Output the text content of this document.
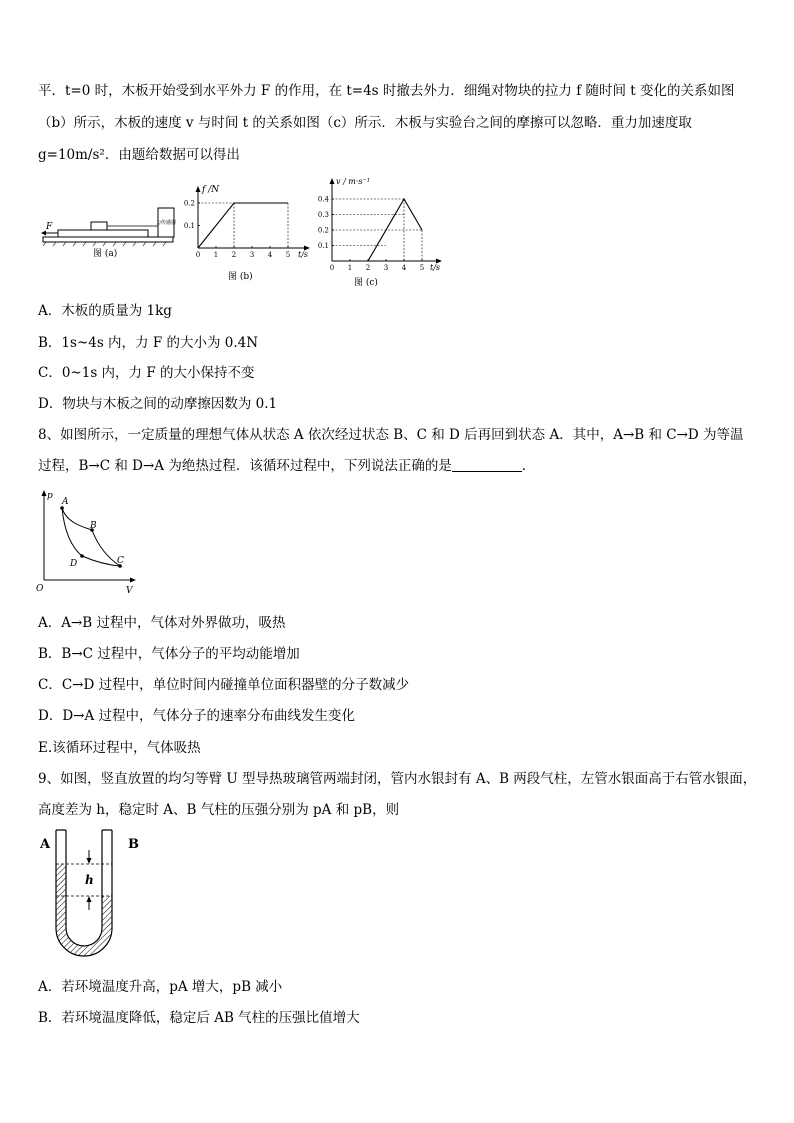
平．t=0 时，木板开始受到水平外力 F 的作用，在 t=4s 时撤去外力．细绳对物块的拉力 f 随时间 t 变化的关系如图
（b）所示，木板的速度 v 与时间 t 的关系如图（c）所示．木板与实验台之间的摩擦可以忽略．重力加速度取
g=10m/s²．由题给数据可以得出
力传感器
F
图 (a)
f /N
t/s
图 (b)
0 1 2 3 4 5
0.1
0.2
v / m·s⁻¹
t/s
图 (c)
0 1 2 3 4 5
0.1
0.2
0.3
0.4
A．木板的质量为 1kg
B．1s~4s 内，力 F 的大小为 0.4N
C．0~1s 内，力 F 的大小保持不变
D．物块与木板之间的动摩擦因数为 0.1
8、如图所示，一定质量的理想气体从状态 A 依次经过状态 B、C 和 D 后再回到状态 A．其中，A→B 和 C→D 为等温
过程，B→C 和 D→A 为绝热过程．该循环过程中，下列说法正确的是	．
p
V
O
A
B
C
D
A．A→B 过程中，气体对外界做功，吸热
B．B→C 过程中，气体分子的平均动能增加
C．C→D 过程中，单位时间内碰撞单位面积器壁的分子数减少
D．D→A 过程中，气体分子的速率分布曲线发生变化
E.该循环过程中，气体吸热
9、如图，竖直放置的均匀等臂 U 型导热玻璃管两端封闭，管内水银封有 A、B 两段气柱，左管水银面高于右管水银面，
高度差为 h，稳定时 A、B 气柱的压强分别为 pA 和 pB，则
A	B
h
A．若环境温度升高，pA 增大，pB 减小
B．若环境温度降低，稳定后 AB 气柱的压强比值增大
